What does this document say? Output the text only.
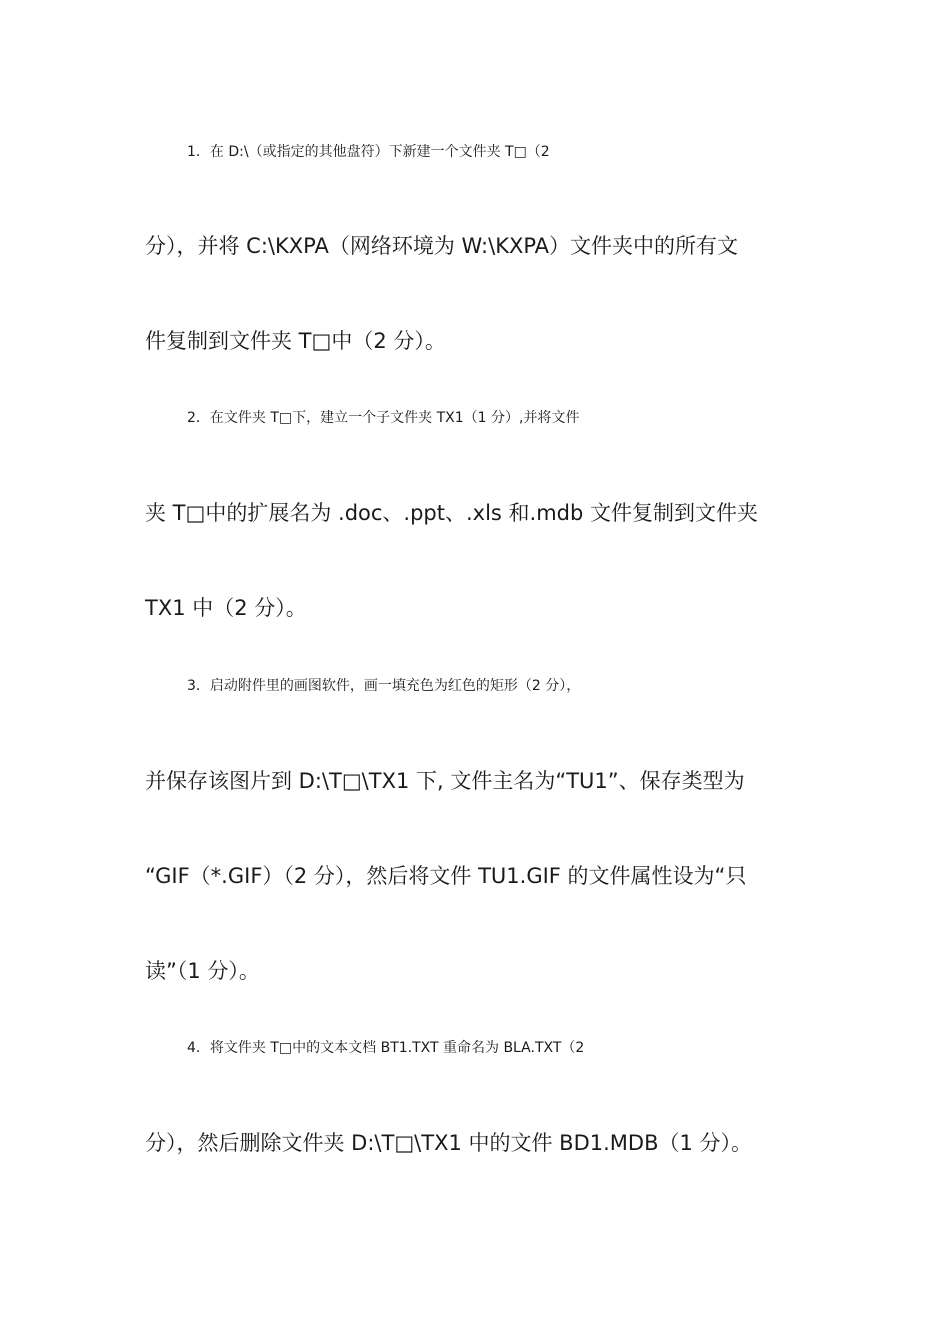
1．在 D:\（或指定的其他盘符）下新建一个文件夹 T□（2
分），并将 C:\KXPA（网络环境为 W:\KXPA）文件夹中的所有文
件复制到文件夹 T□中（2 分）。
2．在文件夹 T□下，建立一个子文件夹 TX1（1 分）,并将文件
夹 T□中的扩展名为 .doc、.ppt、.xls 和.mdb 文件复制到文件夹
TX1 中（2 分）。
3．启动附件里的画图软件，画一填充色为红色的矩形（2 分），
并保存该图片到 D:\T□\TX1 下, 文件主名为“TU1”、保存类型为
“GIF（*.GIF）（2 分），然后将文件 TU1.GIF 的文件属性设为“只
读”（1 分）。
4．将文件夹 T□中的文本文档 BT1.TXT 重命名为 BLA.TXT（2
分），然后删除文件夹 D:\T□\TX1 中的文件 BD1.MDB（1 分）。
